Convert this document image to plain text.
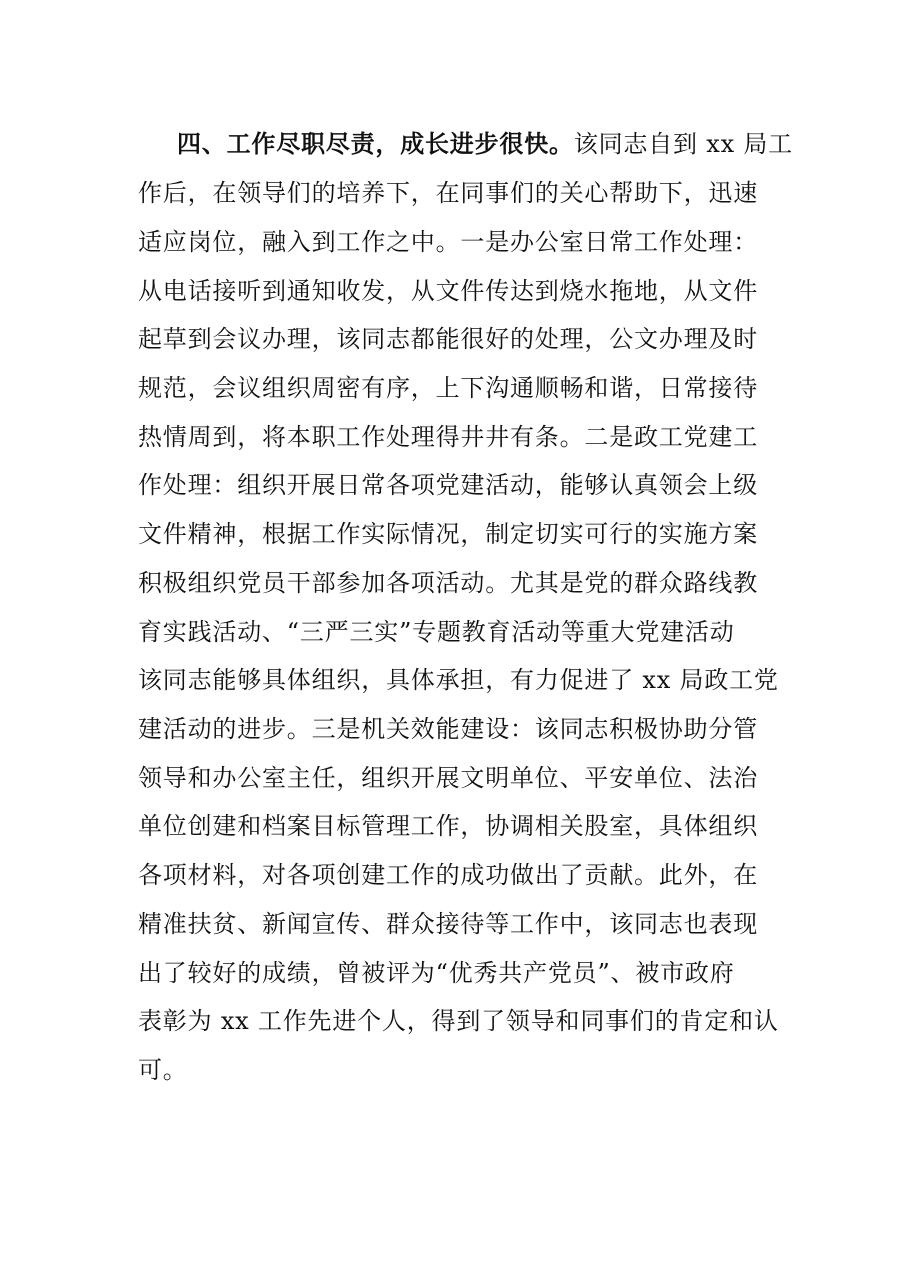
四、工作尽职尽责，成长进步很快。该同志自到 xx 局工

作后，在领导们的培养下，在同事们的关心帮助下，迅速

适应岗位，融入到工作之中。一是办公室日常工作处理：

从电话接听到通知收发，从文件传达到烧水拖地，从文件

起草到会议办理，该同志都能很好的处理，公文办理及时

规范，会议组织周密有序，上下沟通顺畅和谐，日常接待

热情周到，将本职工作处理得井井有条。二是政工党建工

作处理：组织开展日常各项党建活动，能够认真领会上级

文件精神，根据工作实际情况，制定切实可行的实施方案

积极组织党员干部参加各项活动。尤其是党的群众路线教

育实践活动、“三严三实”专题教育活动等重大党建活动

该同志能够具体组织，具体承担，有力促进了 xx 局政工党

建活动的进步。三是机关效能建设：该同志积极协助分管

领导和办公室主任，组织开展文明单位、平安单位、法治

单位创建和档案目标管理工作，协调相关股室，具体组织

各项材料，对各项创建工作的成功做出了贡献。此外，在

精准扶贫、新闻宣传、群众接待等工作中，该同志也表现

出了较好的成绩，曾被评为“优秀共产党员”、被市政府

表彰为 xx 工作先进个人，得到了领导和同事们的肯定和认

可。
